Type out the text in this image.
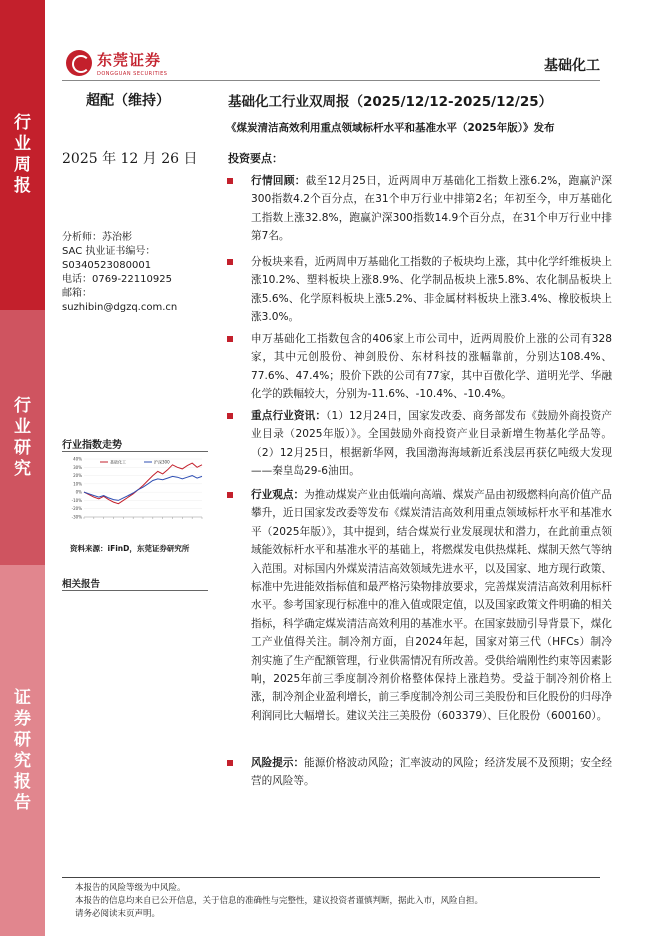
行业周报
行业研究
证券研究报告
东莞证券
DONGGUAN SECURITIES	基础化工
超配（维持）	基础化工行业双周报（2025/12/12-2025/12/25）
《煤炭清洁高效利用重点领域标杆水平和基准水平（2025年版）》发布
2025 年 12 月 26 日	投资要点：
分析师：苏治彬
SAC 执业证书编号：
S0340523080001
电话：0769-22110925
邮箱：
suzhibin@dgzq.com.cn
行业指数走势
40%
30%
20%
10%
0%
-10%
-20%
-30%
基础化工	沪深300
资料来源：iFinD，东莞证券研究所
相关报告
行情回顾：截至12月25日，近两周申万基础化工指数上涨6.2%，跑赢沪深300指数4.2个百分点，在31个申万行业中排第2名；年初至今，申万基础化工指数上涨32.8%，跑赢沪深300指数14.9个百分点，在31个申万行业中排第7名。
分板块来看，近两周申万基础化工指数的子板块均上涨，其中化学纤维板块上涨10.2%、塑料板块上涨8.9%、化学制品板块上涨5.8%、农化制品板块上涨5.6%、化学原料板块上涨5.2%、非金属材料板块上涨3.4%、橡胶板块上涨3.0%。
申万基础化工指数包含的406家上市公司中，近两周股价上涨的公司有328家，其中元创股份、神剑股份、东材科技的涨幅靠前，分别达108.4%、77.6%、47.4%；股价下跌的公司有77家，其中百傲化学、道明光学、华融化学的跌幅较大，分别为-11.6%、-10.4%、-10.4%。
重点行业资讯：（1）12月24日，国家发改委、商务部发布《鼓励外商投资产业目录（2025年版）》。全国鼓励外商投资产业目录新增生物基化学品等。（2）12月25日，根据新华网，我国渤海海域新近系浅层再获亿吨级大发现——秦皇岛29-6油田。
行业观点：为推动煤炭产业由低端向高端、煤炭产品由初级燃料向高价值产品攀升，近日国家发改委等发布《煤炭清洁高效利用重点领域标杆水平和基准水平（2025年版）》，其中提到，结合煤炭行业发展现状和潜力，在此前重点领域能效标杆水平和基准水平的基础上，将燃煤发电供热煤耗、煤制天然气等纳入范围。对标国内外煤炭清洁高效领域先进水平，以及国家、地方现行政策、标准中先进能效指标值和最严格污染物排放要求，完善煤炭清洁高效利用标杆水平。参考国家现行标准中的准入值或限定值，以及国家政策文件明确的相关指标，科学确定煤炭清洁高效利用的基准水平。在国家鼓励引导背景下，煤化工产业值得关注。制冷剂方面，自2024年起，国家对第三代（HFCs）制冷剂实施了生产配额管理，行业供需情况有所改善。受供给端刚性约束等因素影响，2025年前三季度制冷剂价格整体保持上涨趋势。受益于制冷剂价格上涨，制冷剂企业盈利增长，前三季度制冷剂公司三美股份和巨化股份的归母净利润同比大幅增长。建议关注三美股份（603379）、巨化股份（600160）。
风险提示：能源价格波动风险；汇率波动的风险；经济发展不及预期；安全经营的风险等。
本报告的风险等级为中风险。
本报告的信息均来自已公开信息，关于信息的准确性与完整性，建议投资者谨慎判断，据此入市，风险自担。
请务必阅读末页声明。
